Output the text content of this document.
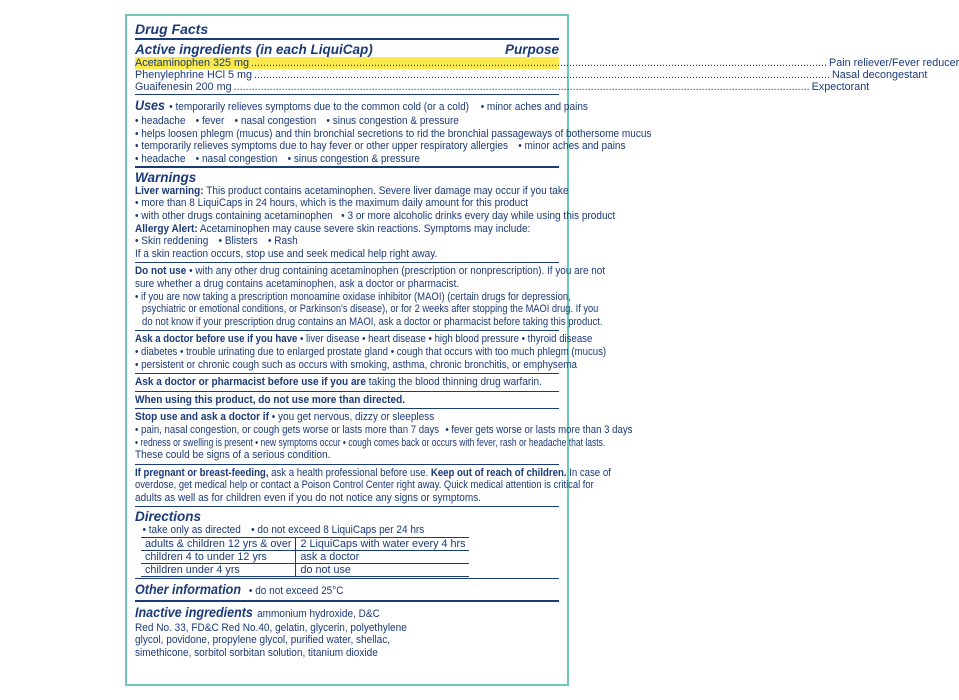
Drug Facts
Active ingredients (in each LiquiCap)	Purpose
Acetaminophen 325 mg .....	Pain reliever/Fever reducer
Phenylephrine HCl 5 mg .....	Nasal decongestant
Guaifenesin 200 mg .....	Expectorant
Uses • temporarily relieves symptoms due to the common cold (or a cold) • minor aches and pains
• headache • fever • nasal congestion • sinus congestion & pressure
• helps loosen phlegm (mucus) and thin bronchial secretions to rid the bronchial passageways of bothersome mucus
• temporarily relieves symptoms due to hay fever or other upper respiratory allergies • minor aches and pains
• headache • nasal congestion • sinus congestion & pressure
Warnings
Liver warning: This product contains acetaminophen. Severe liver damage may occur if you take
• more than 8 LiquiCaps in 24 hours, which is the maximum daily amount for this product
• with other drugs containing acetaminophen • 3 or more alcoholic drinks every day while using this product
Allergy Alert: Acetaminophen may cause severe skin reactions. Symptoms may include:
• Skin reddening • Blisters • Rash
If a skin reaction occurs, stop use and seek medical help right away.
Do not use • with any other drug containing acetaminophen (prescription or nonprescription). If you are not
sure whether a drug contains acetaminophen, ask a doctor or pharmacist.
• if you are now taking a prescription monoamine oxidase inhibitor (MAOI) (certain drugs for depression,
psychiatric or emotional conditions, or Parkinson's disease), or for 2 weeks after stopping the MAOI drug. If you
do not know if your prescription drug contains an MAOI, ask a doctor or pharmacist before taking this product.
Ask a doctor before use if you have • liver disease • heart disease • high blood pressure • thyroid disease
• diabetes • trouble urinating due to enlarged prostate gland • cough that occurs with too much phlegm (mucus)
• persistent or chronic cough such as occurs with smoking, asthma, chronic bronchitis, or emphysema
Ask a doctor or pharmacist before use if you are taking the blood thinning drug warfarin.
When using this product, do not use more than directed.
Stop use and ask a doctor if • you get nervous, dizzy or sleepless
• pain, nasal congestion, or cough gets worse or lasts more than 7 days • fever gets worse or lasts more than 3 days
• redness or swelling is present • new symptoms occur • cough comes back or occurs with fever, rash or headache that lasts.
These could be signs of a serious condition.
If pregnant or breast-feeding, ask a health professional before use. Keep out of reach of children. In case of
overdose, get medical help or contact a Poison Control Center right away. Quick medical attention is critical for
adults as well as for children even if you do not notice any signs or symptoms.
Directions
• take only as directed • do not exceed 8 LiquiCaps per 24 hrs
adults & children 12 yrs & over	2 LiquiCaps with water every 4 hrs
children 4 to under 12 yrs	ask a doctor
children under 4 yrs	do not use
Other information • do not exceed 25°C
Inactive ingredients ammonium hydroxide, D&C
Red No. 33, FD&C Red No.40, gelatin, glycerin, polyethylene
glycol, povidone, propylene glycol, purified water, shellac,
simethicone, sorbitol sorbitan solution, titanium dioxide
